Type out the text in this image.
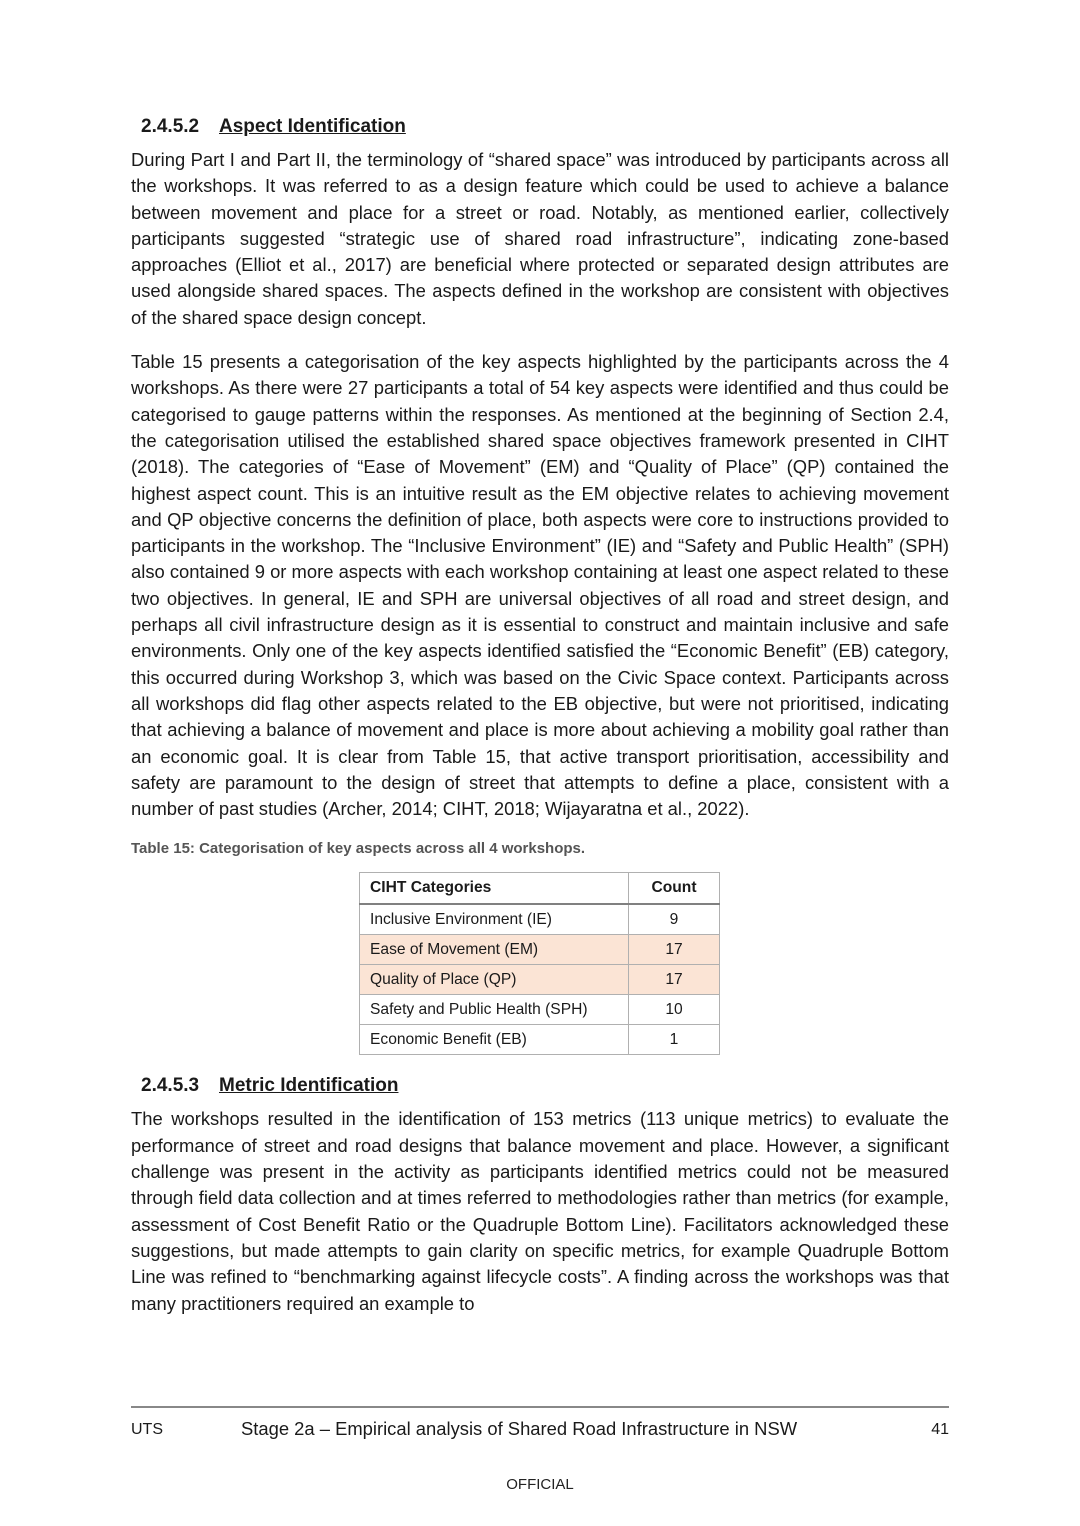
2.4.5.2 Aspect Identification

During Part I and Part II, the terminology of “shared space” was introduced by participants across all the workshops. It was referred to as a design feature which could be used to achieve a balance between movement and place for a street or road. Notably, as mentioned earlier, collectively participants suggested “strategic use of shared road infrastructure”, indicating zone-based approaches (Elliot et al., 2017) are beneficial where protected or separated design attributes are used alongside shared spaces. The aspects defined in the workshop are consistent with objectives of the shared space design concept.

Table 15 presents a categorisation of the key aspects highlighted by the participants across the 4 workshops. As there were 27 participants a total of 54 key aspects were identified and thus could be categorised to gauge patterns within the responses. As mentioned at the beginning of Section 2.4, the categorisation utilised the established shared space objectives framework presented in CIHT (2018). The categories of “Ease of Movement” (EM) and “Quality of Place” (QP) contained the highest aspect count. This is an intuitive result as the EM objective relates to achieving movement and QP objective concerns the definition of place, both aspects were core to instructions provided to participants in the workshop. The “Inclusive Environment” (IE) and “Safety and Public Health” (SPH) also contained 9 or more aspects with each workshop containing at least one aspect related to these two objectives. In general, IE and SPH are universal objectives of all road and street design, and perhaps all civil infrastructure design as it is essential to construct and maintain inclusive and safe environments. Only one of the key aspects identified satisfied the “Economic Benefit” (EB) category, this occurred during Workshop 3, which was based on the Civic Space context. Participants across all workshops did flag other aspects related to the EB objective, but were not prioritised, indicating that achieving a balance of movement and place is more about achieving a mobility goal rather than an economic goal. It is clear from Table 15, that active transport prioritisation, accessibility and safety are paramount to the design of street that attempts to define a place, consistent with a number of past studies (Archer, 2014; CIHT, 2018; Wijayaratna et al., 2022).

Table 15: Categorisation of key aspects across all 4 workshops.
CIHT Categories	Count
Inclusive Environment (IE)	9
Ease of Movement (EM)	17
Quality of Place (QP)	17
Safety and Public Health (SPH)	10
Economic Benefit (EB)	1
2.4.5.3 Metric Identification

The workshops resulted in the identification of 153 metrics (113 unique metrics) to evaluate the performance of street and road designs that balance movement and place. However, a significant challenge was present in the activity as participants identified metrics could not be measured through field data collection and at times referred to methodologies rather than metrics (for example, assessment of Cost Benefit Ratio or the Quadruple Bottom Line). Facilitators acknowledged these suggestions, but made attempts to gain clarity on specific metrics, for example Quadruple Bottom Line was refined to “benchmarking against lifecycle costs”. A finding across the workshops was that many practitioners required an example to

UTS	Stage 2a – Empirical analysis of Shared Road Infrastructure in NSW	41
OFFICIAL
